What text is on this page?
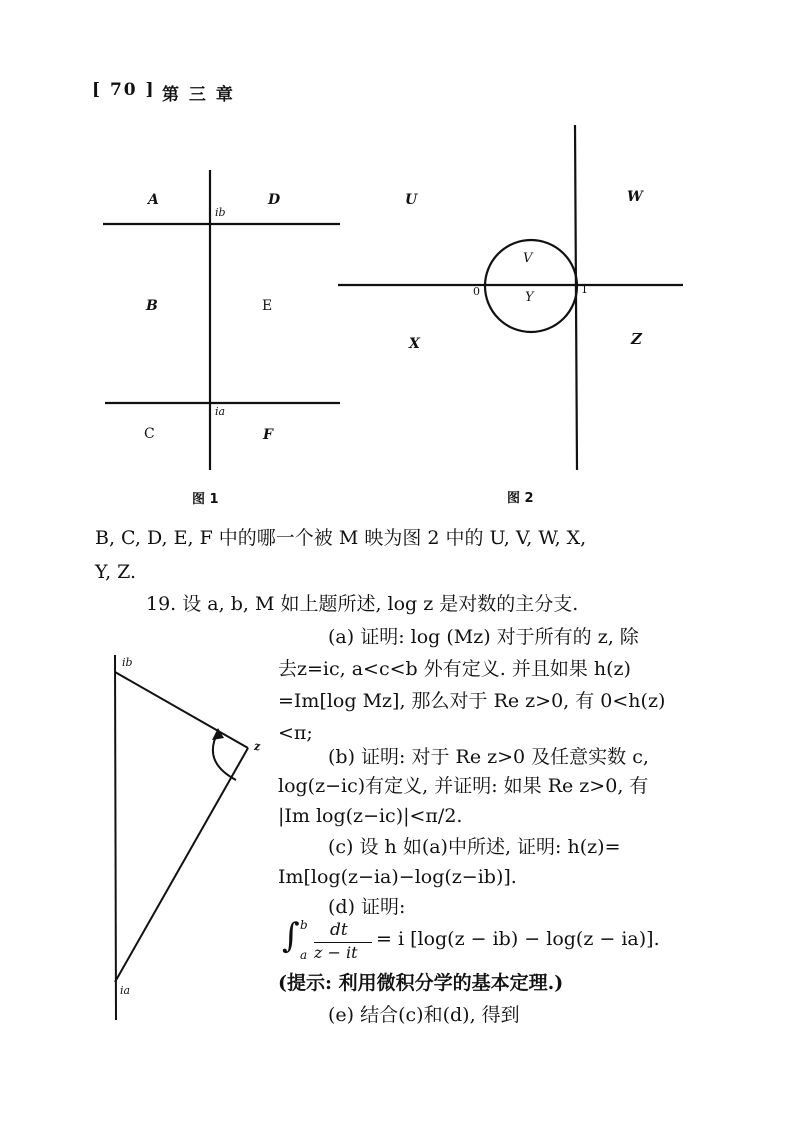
[ 70 ] 第 三 章
A	D
B	E
C	F
ib
ia
图 1
U	W
V
Y
X	Z
0	1
图 2
B, C, D, E, F 中的哪一个被 M 映为图 2 中的 U, V, W, X,
Y, Z.
19. 设 a, b, M 如上题所述, log z 是对数的主分支.
ib
ia
z
(a) 证明: log (Mz) 对于所有的 z, 除
去z=ic, a<c<b 外有定义. 并且如果 h(z)
=Im[log Mz], 那么对于 Re z>0, 有 0<h(z)
<π;
(b) 证明: 对于 Re z>0 及任意实数 c,
log(z−ic)有定义, 并证明: 如果 Re z>0, 有
|Im log(z−ic)|<π/2.
(c) 设 h 如(a)中所述, 证明: h(z)=
Im[log(z−ia)−log(z−ib)].
(d) 证明:
∫ b
a
dt
z − it
= i [log(z − ib) − log(z − ia)].
(提示: 利用微积分学的基本定理.)
(e) 结合(c)和(d), 得到
